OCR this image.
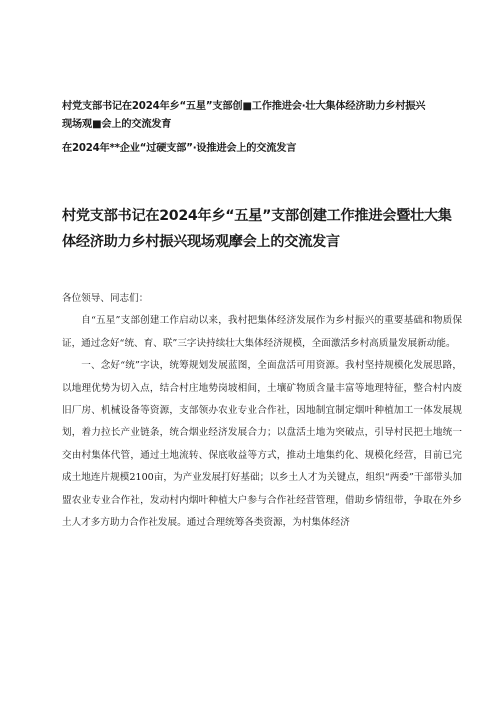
村党支部书记在2024年乡“五星”支部创■工作推进会·壮大集体经济助力乡村振兴

现场观■会上的交流发育

在2024年**企业“过硬支部”·设推进会上的交流发言

村党支部书记在2024年乡“五星”支部创建工作推进会暨壮大集体经济助力乡村振兴现场观摩会上的交流发言

各位领导、同志们：

自“五星”支部创建工作启动以来，我村把集体经济发展作为乡村振兴的重要基础和物质保证，通过念好“统、育、联”三字诀持续壮大集体经济规模，全面激活乡村高质量发展新动能。

一、念好“统”字诀，统筹规划发展蓝图，全面盘活可用资源。我村坚持规模化发展思路，以地理优势为切入点，结合村庄地势岗坡相间，土壤矿物质含量丰富等地理特征，整合村内废旧厂房、机械设备等资源，支部领办农业专业合作社，因地制宜制定烟叶种植加工一体发展规划，着力拉长产业链条，统合烟业经济发展合力；以盘活土地为突破点，引导村民把土地统一交由村集体代管，通过土地流转、保底收益等方式，推动土地集约化、规模化经营，目前已完成土地连片规模2100亩，为产业发展打好基础；以乡土人才为关键点，组织“两委”干部带头加盟农业专业合作社，发动村内烟叶种植大户参与合作社经营管理，借助乡情纽带，争取在外乡土人才多方助力合作社发展。通过合理统筹各类资源，为村集体经济
